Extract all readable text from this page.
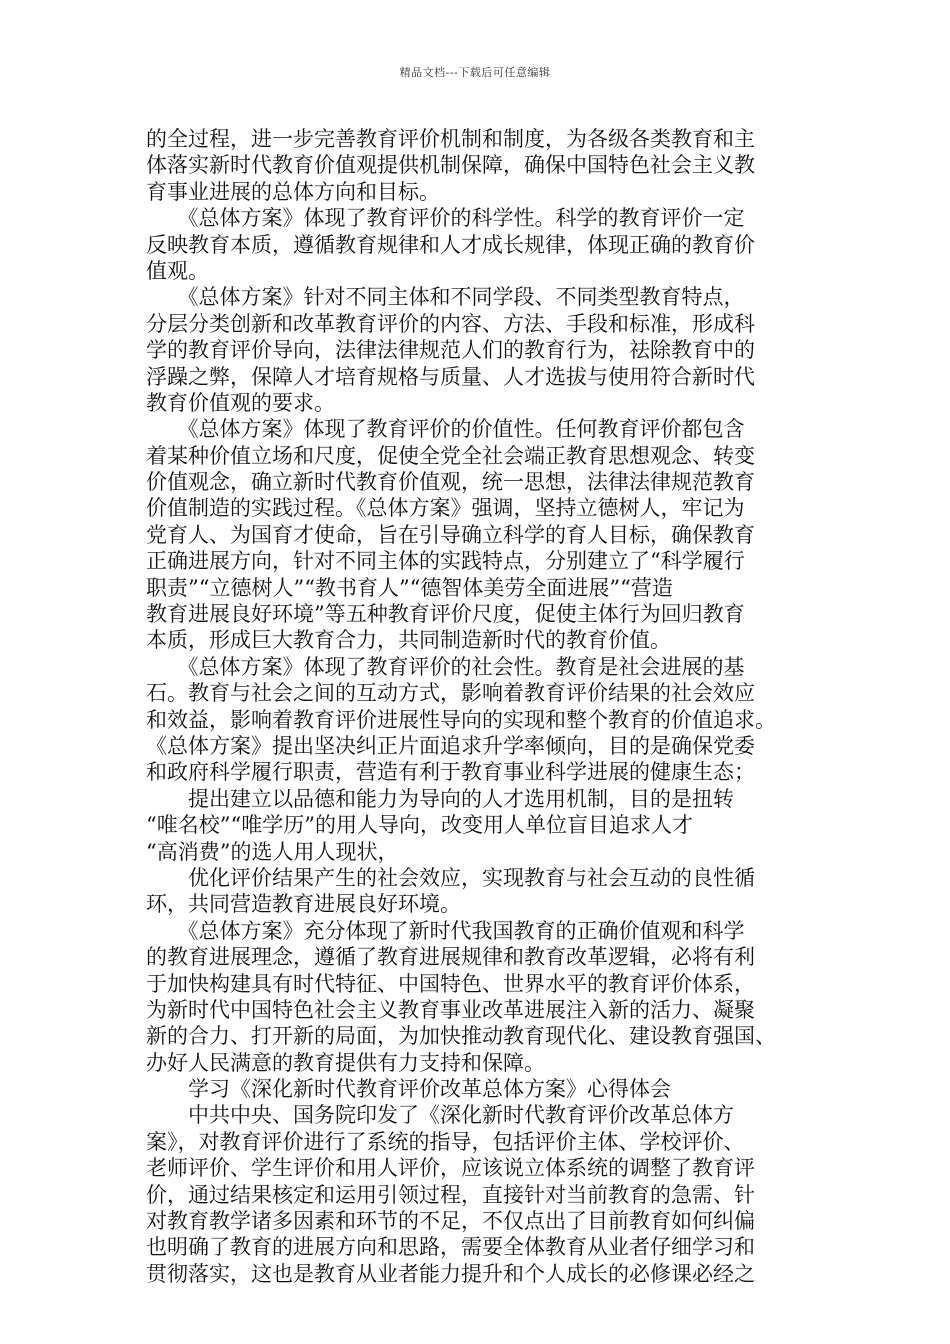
精品文档---下载后可任意编辑
的全过程，进一步完善教育评价机制和制度，为各级各类教育和主
体落实新时代教育价值观提供机制保障，确保中国特色社会主义教
育事业进展的总体方向和目标。
　　《总体方案》体现了教育评价的科学性。科学的教育评价一定
反映教育本质，遵循教育规律和人才成长规律，体现正确的教育价
值观。
　　《总体方案》针对不同主体和不同学段、不同类型教育特点，
分层分类创新和改革教育评价的内容、方法、手段和标准，形成科
学的教育评价导向，法律法律规范人们的教育行为，祛除教育中的
浮躁之弊，保障人才培育规格与质量、人才选拔与使用符合新时代
教育价值观的要求。
　　《总体方案》体现了教育评价的价值性。任何教育评价都包含
着某种价值立场和尺度，促使全党全社会端正教育思想观念、转变
价值观念，确立新时代教育价值观，统一思想，法律法律规范教育
价值制造的实践过程。《总体方案》强调，坚持立德树人，牢记为
党育人、为国育才使命，旨在引导确立科学的育人目标，确保教育
正确进展方向，针对不同主体的实践特点，分别建立了“科学履行
职责”“立德树人”“教书育人”“德智体美劳全面进展”“营造
教育进展良好环境”等五种教育评价尺度，促使主体行为回归教育
本质，形成巨大教育合力，共同制造新时代的教育价值。
　　《总体方案》体现了教育评价的社会性。教育是社会进展的基
石。教育与社会之间的互动方式，影响着教育评价结果的社会效应
和效益，影响着教育评价进展性导向的实现和整个教育的价值追求。
《总体方案》提出坚决纠正片面追求升学率倾向，目的是确保党委
和政府科学履行职责，营造有利于教育事业科学进展的健康生态；
　　提出建立以品德和能力为导向的人才选用机制，目的是扭转
“唯名校”“唯学历”的用人导向，改变用人单位盲目追求人才
“高消费”的选人用人现状，
　　优化评价结果产生的社会效应，实现教育与社会互动的良性循
环，共同营造教育进展良好环境。
　　《总体方案》充分体现了新时代我国教育的正确价值观和科学
的教育进展理念，遵循了教育进展规律和教育改革逻辑，必将有利
于加快构建具有时代特征、中国特色、世界水平的教育评价体系，
为新时代中国特色社会主义教育事业改革进展注入新的活力、凝聚
新的合力、打开新的局面，为加快推动教育现代化、建设教育强国、
办好人民满意的教育提供有力支持和保障。
　　学习《深化新时代教育评价改革总体方案》心得体会
　　中共中央、国务院印发了《深化新时代教育评价改革总体方
案》，对教育评价进行了系统的指导，包括评价主体、学校评价、
老师评价、学生评价和用人评价，应该说立体系统的调整了教育评
价，通过结果核定和运用引领过程，直接针对当前教育的急需、针
对教育教学诸多因素和环节的不足，不仅点出了目前教育如何纠偏
也明确了教育的进展方向和思路，需要全体教育从业者仔细学习和
贯彻落实，这也是教育从业者能力提升和个人成长的必修课必经之
